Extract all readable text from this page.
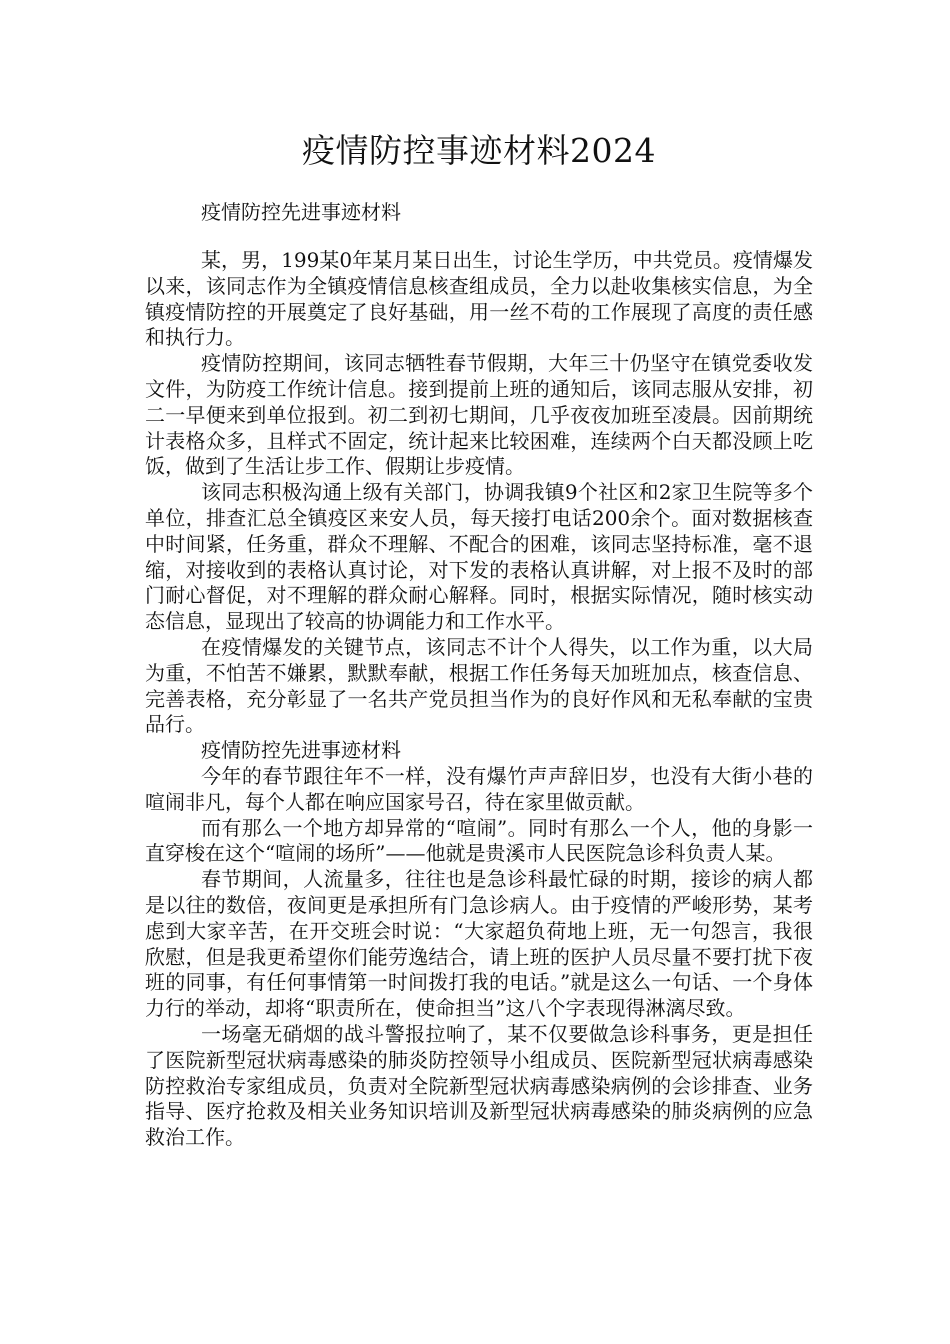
疫情防控事迹材料2024

疫情防控先进事迹材料

某，男，199某0年某月某日出生，讨论生学历，中共党员。疫情爆发以来，该同志作为全镇疫情信息核查组成员，全力以赴收集核实信息，为全镇疫情防控的开展奠定了良好基础，用一丝不苟的工作展现了高度的责任感和执行力。

疫情防控期间，该同志牺牲春节假期，大年三十仍坚守在镇党委收发文件，为防疫工作统计信息。接到提前上班的通知后，该同志服从安排，初二一早便来到单位报到。初二到初七期间，几乎夜夜加班至凌晨。因前期统计表格众多，且样式不固定，统计起来比较困难，连续两个白天都没顾上吃饭，做到了生活让步工作、假期让步疫情。

该同志积极沟通上级有关部门，协调我镇9个社区和2家卫生院等多个单位，排查汇总全镇疫区来安人员，每天接打电话200余个。面对数据核查中时间紧，任务重，群众不理解、不配合的困难，该同志坚持标准，毫不退缩，对接收到的表格认真讨论，对下发的表格认真讲解，对上报不及时的部门耐心督促，对不理解的群众耐心解释。同时，根据实际情况，随时核实动态信息，显现出了较高的协调能力和工作水平。

在疫情爆发的关键节点，该同志不计个人得失，以工作为重，以大局为重，不怕苦不嫌累，默默奉献，根据工作任务每天加班加点，核查信息、完善表格，充分彰显了一名共产党员担当作为的良好作风和无私奉献的宝贵品行。

疫情防控先进事迹材料

今年的春节跟往年不一样，没有爆竹声声辞旧岁，也没有大街小巷的喧闹非凡，每个人都在响应国家号召，待在家里做贡献。

而有那么一个地方却异常的“喧闹”。同时有那么一个人，他的身影一直穿梭在这个“喧闹的场所”——他就是贵溪市人民医院急诊科负责人某。

春节期间，人流量多，往往也是急诊科最忙碌的时期，接诊的病人都是以往的数倍，夜间更是承担所有门急诊病人。由于疫情的严峻形势，某考虑到大家辛苦，在开交班会时说：“大家超负荷地上班，无一句怨言，我很欣慰，但是我更希望你们能劳逸结合，请上班的医护人员尽量不要打扰下夜班的同事，有任何事情第一时间拨打我的电话。”就是这么一句话、一个身体力行的举动，却将“职责所在，使命担当”这八个字表现得淋漓尽致。

一场毫无硝烟的战斗警报拉响了，某不仅要做急诊科事务，更是担任了医院新型冠状病毒感染的肺炎防控领导小组成员、医院新型冠状病毒感染防控救治专家组成员，负责对全院新型冠状病毒感染病例的会诊排查、业务指导、医疗抢救及相关业务知识培训及新型冠状病毒感染的肺炎病例的应急救治工作。
